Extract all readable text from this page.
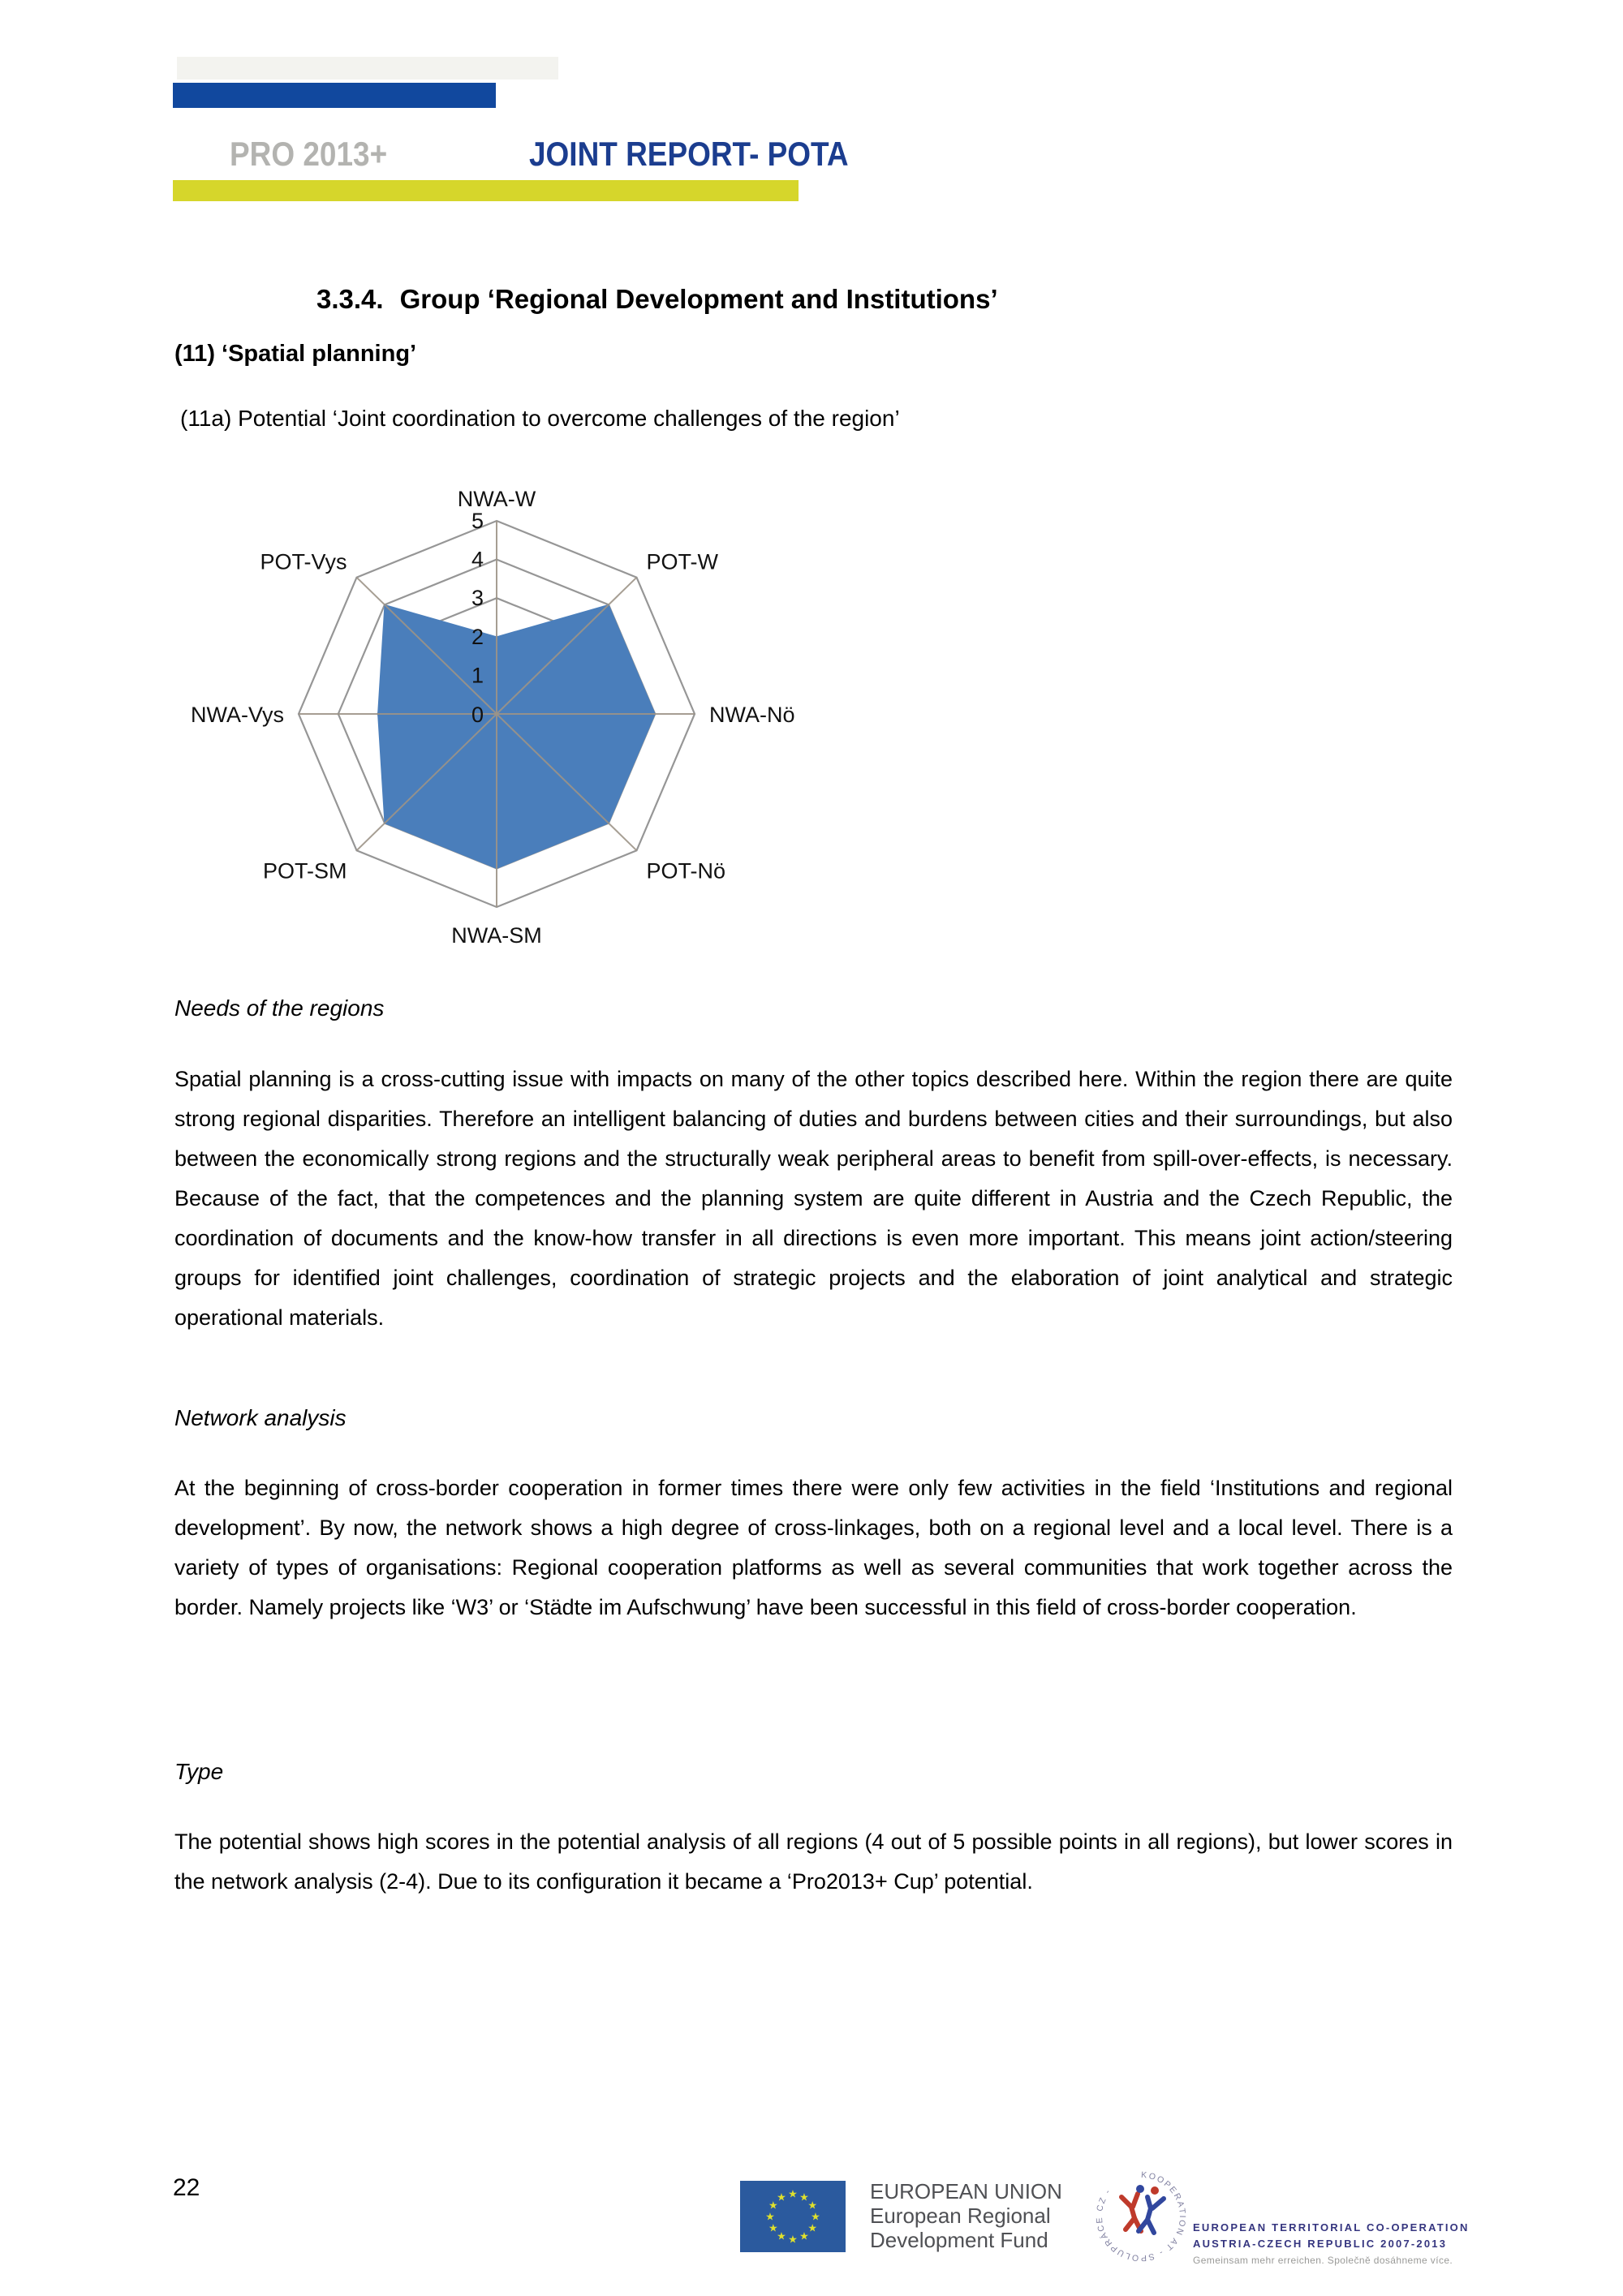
PRO 2013+	JOINT REPORT- POTA
3.3.4. Group ‘Regional Development and Institutions’
(11) ‘Spatial planning’
(11a) Potential ‘Joint coordination to overcome challenges of the region’
0
1
2
3
4
5
NWA-W
POT-W
NWA-Nö
POT-Nö
NWA-SM
POT-SM
NWA-Vys
POT-Vys
Needs of the regions
Spatial planning is a cross-cutting issue with impacts on many of the other topics described here. Within the region there are quite strong regional disparities. Therefore an intelligent balancing of duties and burdens between cities and their surroundings, but also between the economically strong regions and the structurally weak peripheral areas to benefit from spill-over-effects, is necessary. Because of the fact, that the competences and the planning system are quite different in Austria and the Czech Republic, the coordination of documents and the know-how transfer in all directions is even more important. This means joint action/steering groups for identified joint challenges, coordination of strategic projects and the elaboration of joint analytical and strategic operational materials.
Network analysis
At the beginning of cross-border cooperation in former times there were only few activities in the field ‘Institutions and regional development’. By now, the network shows a high degree of cross-linkages, both on a regional level and a local level. There is a variety of types of organisations: Regional cooperation platforms as well as several communities that work together across the border. Namely projects like ‘W3’ or ‘Städte im Aufschwung’ have been successful in this field of cross-border cooperation.
Type
The potential shows high scores in the potential analysis of all regions (4 out of 5 possible points in all regions), but lower scores in the network analysis (2-4). Due to its configuration it became a ‘Pro2013+ Cup’ potential.
22	★ ★
★
★
★
★
★
★
★
★
★
★	EUROPEAN UNION
European Regional
Development Fund
KOOPERATION AT - SPOLUPRÁCE CZ -
EUROPEAN TERRITORIAL CO-OPERATION
AUSTRIA-CZECH REPUBLIC 2007-2013
Gemeinsam mehr erreichen. Společně dosáhneme více.
